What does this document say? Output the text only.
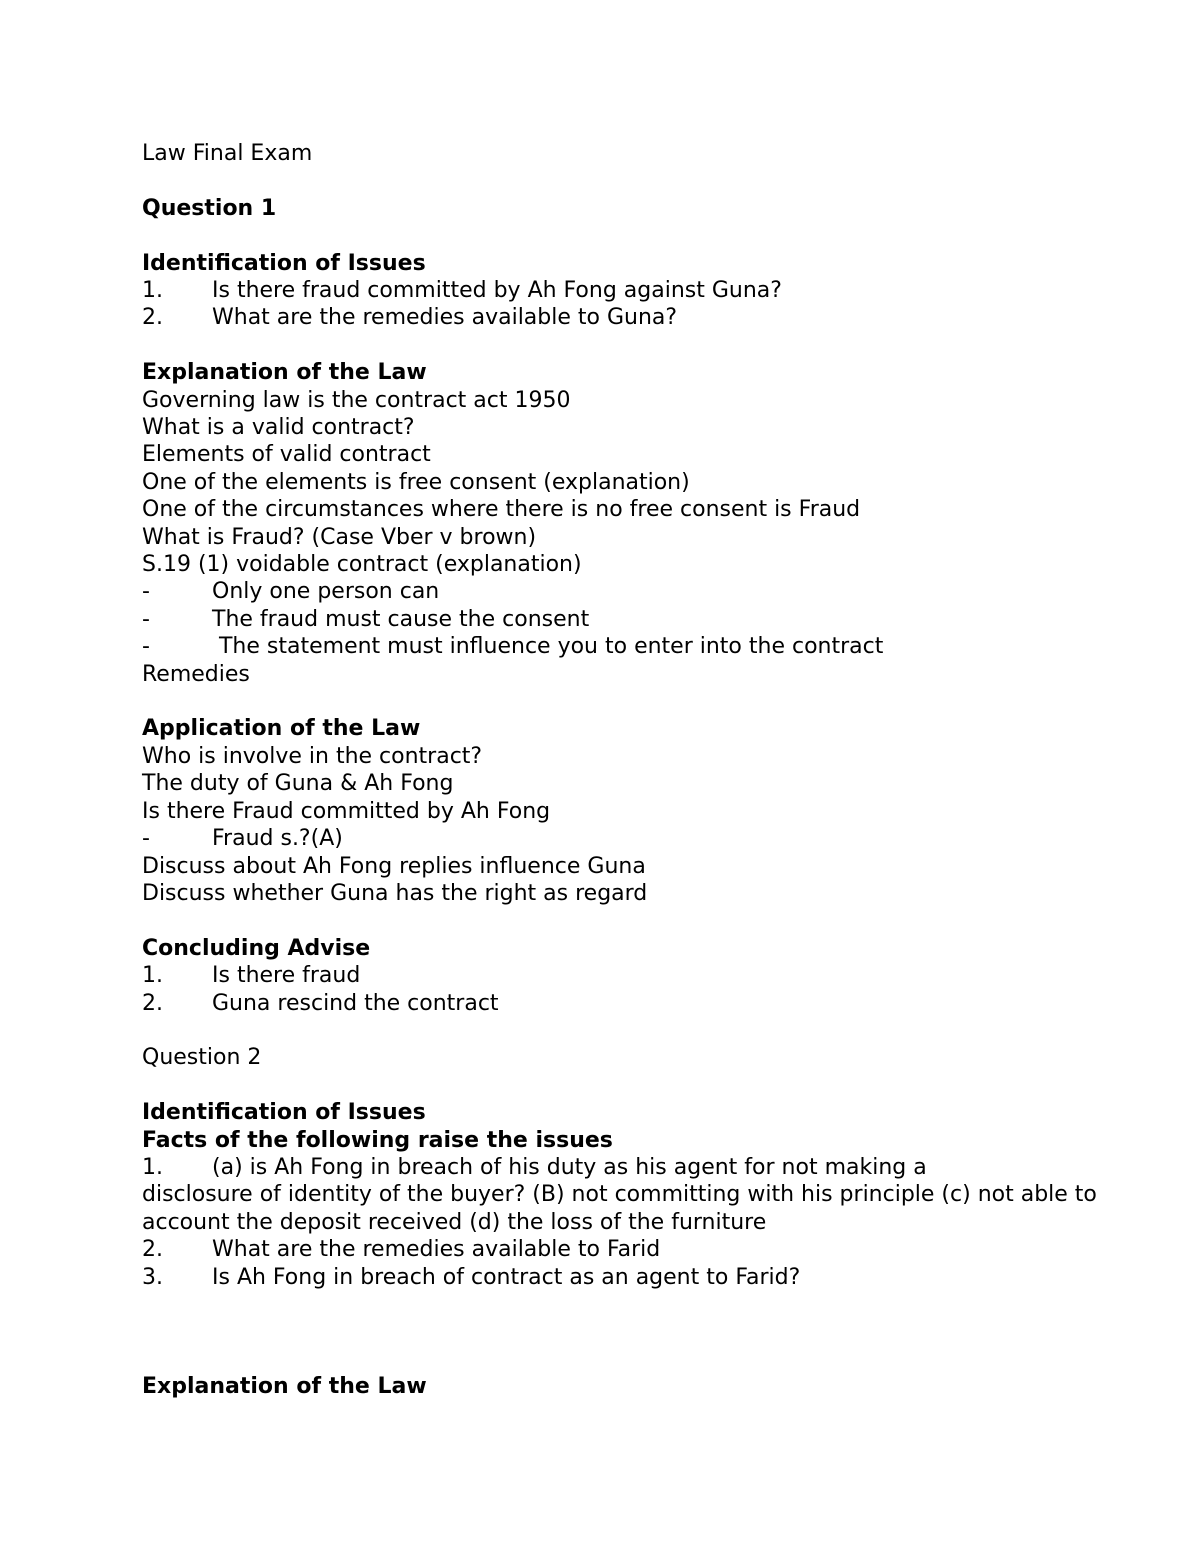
Law Final Exam
Question 1
Identification of Issues
1.	Is there fraud committed by Ah Fong against Guna?
2.	What are the remedies available to Guna?
Explanation of the Law
Governing law is the contract act 1950
What is a valid contract?
Elements of valid contract
One of the elements is free consent (explanation)
One of the circumstances where there is no free consent is Fraud
What is Fraud? (Case Vber v brown)
S.19 (1) voidable contract (explanation)
-	Only one person can
-	The fraud must cause the consent
-	The statement must influence you to enter into the contract
Remedies
Application of the Law
Who is involve in the contract?
The duty of Guna & Ah Fong
Is there Fraud committed by Ah Fong
-	Fraud s.?(A)
Discuss about Ah Fong replies influence Guna
Discuss whether Guna has the right as regard
Concluding Advise
1.	Is there fraud
2.	Guna rescind the contract
Question 2
Identification of Issues
Facts of the following raise the issues
1.	(a) is Ah Fong in breach of his duty as his agent for not making a
disclosure of identity of the buyer? (B) not committing with his principle (c) not able to account the deposit received (d) the loss of the furniture
2.	What are the remedies available to Farid
3.	Is Ah Fong in breach of contract as an agent to Farid?
Explanation of the Law
